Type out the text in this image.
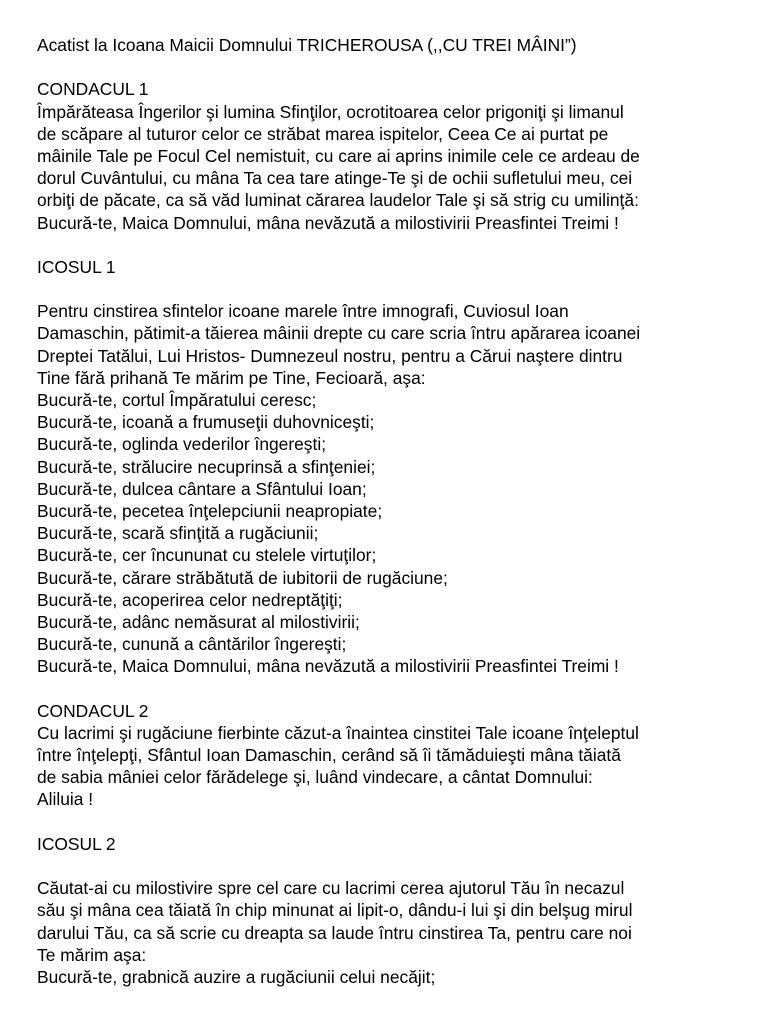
Acatist la Icoana Maicii Domnului TRICHEROUSA (,,CU TREI MÂINI”)
CONDACUL 1
Împărăteasa Îngerilor şi lumina Sfinţilor, ocrotitoarea celor prigoniţi şi limanul
de scăpare al tuturor celor ce străbat marea ispitelor, Ceea Ce ai purtat pe
mâinile Tale pe Focul Cel nemistuit, cu care ai aprins inimile cele ce ardeau de
dorul Cuvântului, cu mâna Ta cea tare atinge-Te şi de ochii sufletului meu, cei
orbiţi de păcate, ca să văd luminat cărarea laudelor Tale şi să strig cu umilinţă:
Bucură-te, Maica Domnului, mâna nevăzută a milostivirii Preasfintei Treimi !
ICOSUL 1
Pentru cinstirea sfintelor icoane marele între imnografi, Cuviosul Ioan
Damaschin, pătimit-a tăierea mâinii drepte cu care scria întru apărarea icoanei
Dreptei Tatălui, Lui Hristos- Dumnezeul nostru, pentru a Cărui naştere dintru
Tine fără prihană Te mărim pe Tine, Fecioară, aşa:
Bucură-te, cortul Împăratului ceresc;
Bucură-te, icoană a frumuseţii duhovniceşti;
Bucură-te, oglinda vederilor îngereşti;
Bucură-te, strălucire necuprinsă a sfinţeniei;
Bucură-te, dulcea cântare a Sfântului Ioan;
Bucură-te, pecetea înţelepciunii neapropiate;
Bucură-te, scară sfinţită a rugăciunii;
Bucură-te, cer încununat cu stelele virtuţilor;
Bucură-te, cărare străbătută de iubitorii de rugăciune;
Bucură-te, acoperirea celor nedreptăţiţi;
Bucură-te, adânc nemăsurat al milostivirii;
Bucură-te, cunună a cântărilor îngereşti;
Bucură-te, Maica Domnului, mâna nevăzută a milostivirii Preasfintei Treimi !
CONDACUL 2
Cu lacrimi şi rugăciune fierbinte căzut-a înaintea cinstitei Tale icoane înţeleptul
între înţelepţi, Sfântul Ioan Damaschin, cerând să îi tămăduieşti mâna tăiată
de sabia mâniei celor fărădelege şi, luând vindecare, a cântat Domnului:
Aliluia !
ICOSUL 2
Căutat-ai cu milostivire spre cel care cu lacrimi cerea ajutorul Tău în necazul
său şi mâna cea tăiată în chip minunat ai lipit-o, dându-i lui şi din belşug mirul
darului Tău, ca să scrie cu dreapta sa laude întru cinstirea Ta, pentru care noi
Te mărim aşa:
Bucură-te, grabnică auzire a rugăciunii celui necăjit;
